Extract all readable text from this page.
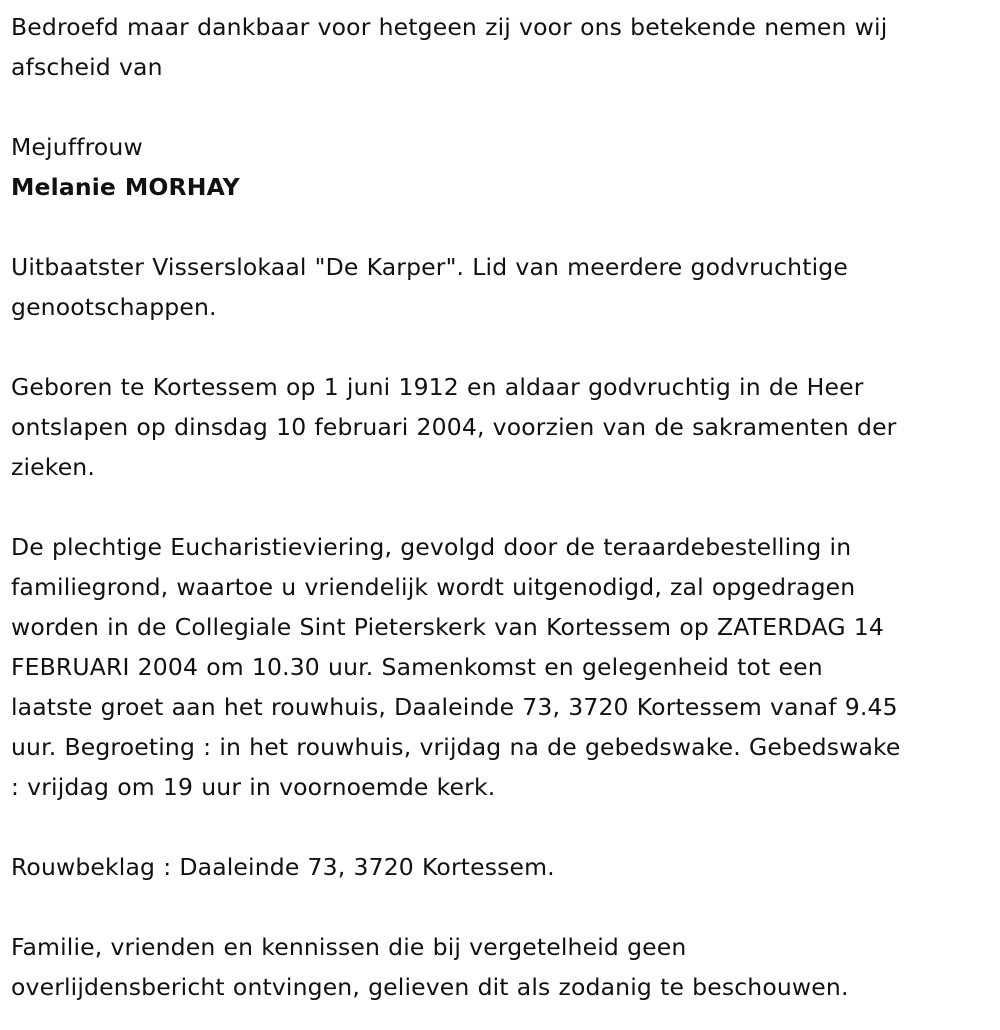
Bedroefd maar dankbaar voor hetgeen zij voor ons betekende nemen wij

afscheid van

Mejuffrouw

Melanie MORHAY

Uitbaatster Visserslokaal "De Karper". Lid van meerdere godvruchtige

genootschappen.

Geboren te Kortessem op 1 juni 1912 en aldaar godvruchtig in de Heer

ontslapen op dinsdag 10 februari 2004, voorzien van de sakramenten der

zieken.

De plechtige Eucharistieviering, gevolgd door de teraardebestelling in

familiegrond, waartoe u vriendelijk wordt uitgenodigd, zal opgedragen

worden in de Collegiale Sint Pieterskerk van Kortessem op ZATERDAG 14

FEBRUARI 2004 om 10.30 uur. Samenkomst en gelegenheid tot een

laatste groet aan het rouwhuis, Daaleinde 73, 3720 Kortessem vanaf 9.45

uur. Begroeting : in het rouwhuis, vrijdag na de gebedswake. Gebedswake

: vrijdag om 19 uur in voornoemde kerk.

Rouwbeklag : Daaleinde 73, 3720 Kortessem.

Familie, vrienden en kennissen die bij vergetelheid geen

overlijdensbericht ontvingen, gelieven dit als zodanig te beschouwen.
